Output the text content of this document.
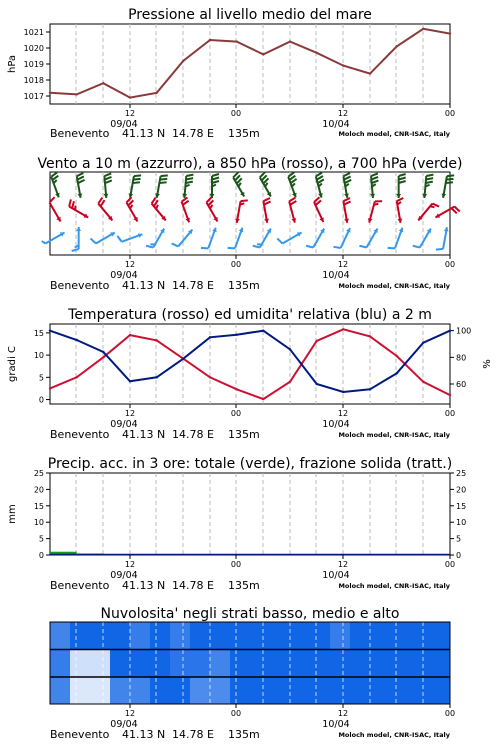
Pressione al livello medio del mare
1017
1018
1019
1020
1021
hPa
12	00	12	00
09/04	10/04
Benevento 41.13 N 14.78 E 135m	Moloch model, CNR-ISAC, Italy
Vento a 10 m (azzurro), a 850 hPa (rosso), a 700 hPa (verde)
12	00	12	00
09/04	10/04
Benevento 41.13 N 14.78 E 135m	Moloch model, CNR-ISAC, Italy
Temperatura (rosso) ed umidita' relativa (blu) a 2 m
0
5
10
15
60
80
100
gradi C	%
12	00	12	00
09/04	10/04
Benevento 41.13 N 14.78 E 135m	Moloch model, CNR-ISAC, Italy
Precip. acc. in 3 ore: totale (verde), frazione solida (tratt.)
0
5
10
15
20
25
0
5
10
15
20
25
mm
12	00	12	00
09/04	10/04
Benevento 41.13 N 14.78 E 135m	Moloch model, CNR-ISAC, Italy
Nuvolosita' negli strati basso, medio e alto
12	00	12	00
09/04	10/04
Benevento 41.13 N 14.78 E 135m	Moloch model, CNR-ISAC, Italy
